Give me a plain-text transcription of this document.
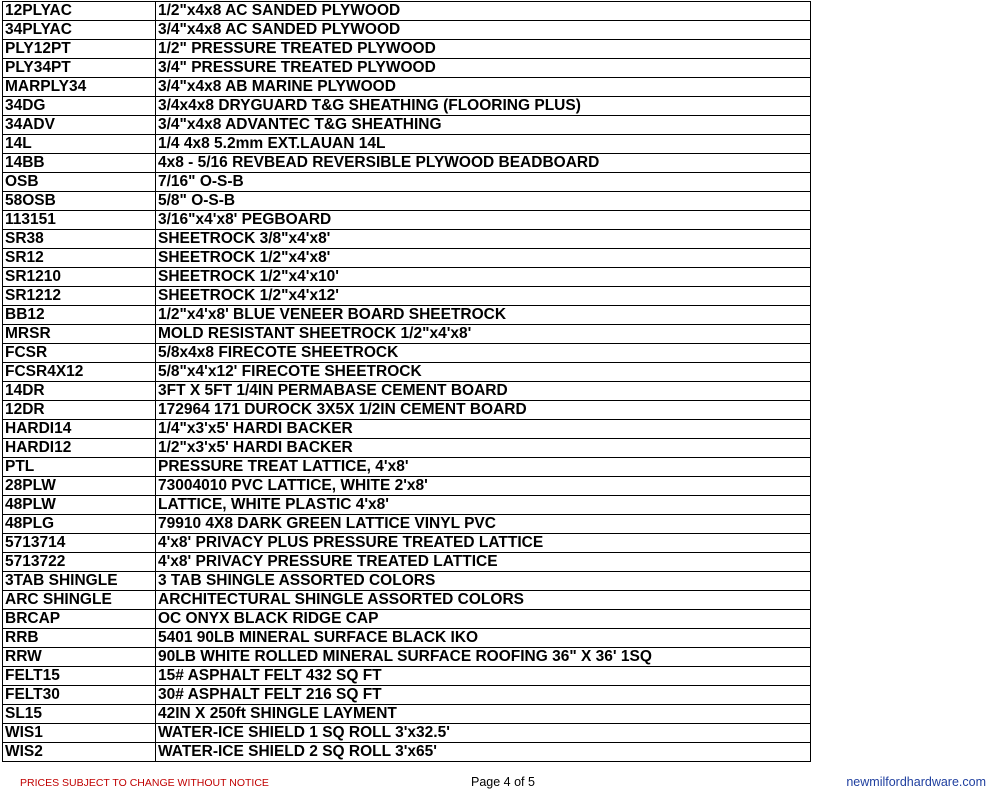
12PLYAC	1/2"x4x8 AC SANDED PLYWOOD
34PLYAC	3/4"x4x8 AC SANDED PLYWOOD
PLY12PT	1/2" PRESSURE TREATED PLYWOOD
PLY34PT	3/4" PRESSURE TREATED PLYWOOD
MARPLY34	3/4"x4x8 AB MARINE PLYWOOD
34DG	3/4x4x8 DRYGUARD T&G SHEATHING (FLOORING PLUS)
34ADV	3/4"x4x8 ADVANTEC T&G SHEATHING
14L	1/4 4x8 5.2mm EXT.LAUAN 14L
14BB	4x8 - 5/16 REVBEAD REVERSIBLE PLYWOOD BEADBOARD
OSB	7/16" O-S-B
58OSB	5/8" O-S-B
113151	3/16"x4'x8' PEGBOARD
SR38	SHEETROCK 3/8"x4'x8'
SR12	SHEETROCK 1/2"x4'x8'
SR1210	SHEETROCK 1/2"x4'x10'
SR1212	SHEETROCK 1/2"x4'x12'
BB12	1/2"x4'x8' BLUE VENEER BOARD SHEETROCK
MRSR	MOLD RESISTANT SHEETROCK 1/2"x4'x8'
FCSR	5/8x4x8 FIRECOTE SHEETROCK
FCSR4X12	5/8"x4'x12' FIRECOTE SHEETROCK
14DR	3FT X 5FT 1/4IN PERMABASE CEMENT BOARD
12DR	172964 171 DUROCK 3X5X 1/2IN CEMENT BOARD
HARDI14	1/4"x3'x5' HARDI BACKER
HARDI12	1/2"x3'x5' HARDI BACKER
PTL	PRESSURE TREAT LATTICE, 4'x8'
28PLW	73004010 PVC LATTICE, WHITE 2'x8'
48PLW	LATTICE, WHITE PLASTIC 4'x8'
48PLG	79910 4X8 DARK GREEN LATTICE VINYL PVC
5713714	4'x8' PRIVACY PLUS PRESSURE TREATED LATTICE
5713722	4'x8' PRIVACY PRESSURE TREATED LATTICE
3TAB SHINGLE	3 TAB SHINGLE ASSORTED COLORS
ARC SHINGLE	ARCHITECTURAL SHINGLE ASSORTED COLORS
BRCAP	OC ONYX BLACK RIDGE CAP
RRB	5401 90LB MINERAL SURFACE BLACK IKO
RRW	90LB WHITE ROLLED MINERAL SURFACE ROOFING 36" X 36' 1SQ
FELT15	15# ASPHALT FELT 432 SQ FT
FELT30	30# ASPHALT FELT 216 SQ FT
SL15	42IN X 250ft SHINGLE LAYMENT
WIS1	WATER-ICE SHIELD 1 SQ ROLL 3'x32.5'
WIS2	WATER-ICE SHIELD 2 SQ ROLL 3'x65'
PRICES SUBJECT TO CHANGE WITHOUT NOTICE	Page 4 of 5	newmilfordhardware.com
